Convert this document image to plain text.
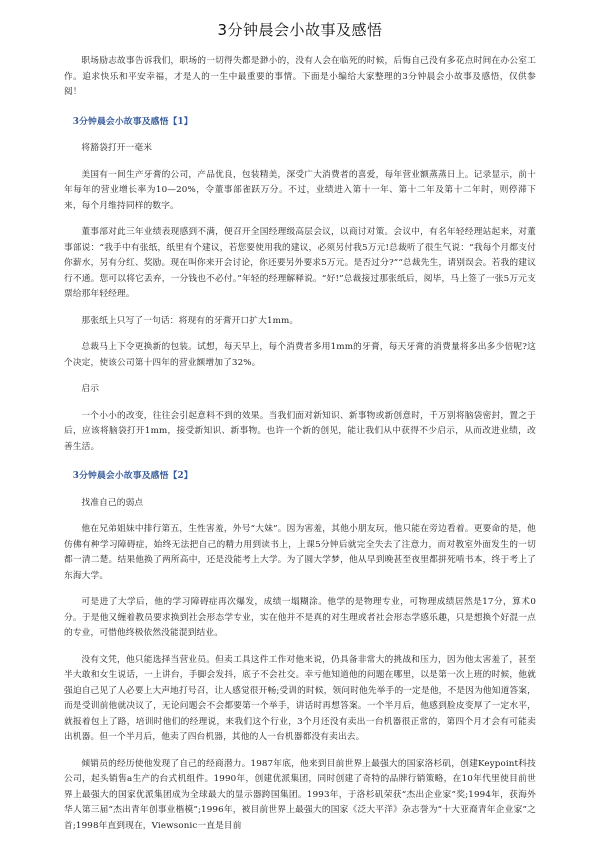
3分钟晨会小故事及感悟

职场励志故事告诉我们，职场的一切得失都是渺小的，没有人会在临死的时候，后悔自己没有多花点时间在办公室工作。追求快乐和平安幸福，才是人的一生中最重要的事情。下面是小编给大家整理的3分钟晨会小故事及感悟，仅供参阅！

3分钟晨会小故事及感悟【1】

将豁袋打开一毫米

美国有一间生产牙膏的公司，产品优良，包装精美，深受广大消费者的喜爱，每年营业额蒸蒸日上。记录显示，前十年每年的营业增长率为10—20%，令董事部雀跃万分。不过，业绩进入第十一年、第十二年及第十二年时，则停滞下来，每个月维持同样的数字。

董事部对此三年业绩表现感到不满，便召开全国经理级高层会议，以商讨对策。会议中，有名年轻经理站起来，对董事部说：“我手中有张纸，纸里有个建议，若您要使用我的建议，必须另付我5万元!总裁听了很生气说：“我每个月都支付你薪水，另有分红、奖励。现在叫你来开会讨论，你还要另外要求5万元。是否过分?”“总裁先生，请别误会。若我的建议行不通。您可以将它丢弃，一分钱也不必付。”年轻的经理解释说。“好!”总裁接过那张纸后，阅毕，马上签了一张5万元支票给那年轻经理。

那张纸上只写了一句话：将现有的牙膏开口扩大1mm。

总裁马上下令更换新的包装。试想，每天早上，每个消费者多用1mm的牙膏，每天牙膏的消费量将多出多少倍呢?这个决定，使该公司第十四年的营业额增加了32%。

启示

一个小小的改变，往往会引起意料不到的效果。当我们面对新知识、新事物或新创意时，千万别将脑袋密封，置之于后，应该将脑袋打开1mm，接受新知识、新事物。也许一个新的创见，能让我们从中获得不少启示，从而改进业绩，改善生活。

3分钟晨会小故事及感悟【2】

找准自己的弱点

他在兄弟姐妹中排行第五，生性害羞，外号“大妹”。因为害羞，其他小朋友玩，他只能在旁边看着。更要命的是，他仿佛有种学习障碍症，始终无法把自己的精力用到读书上，上课5分钟后就完全失去了注意力，而对教室外面发生的一切都一清二楚。结果他换了两所高中，还是没能考上大学。为了圆大学梦，他从早到晚甚至夜里都拼死啃书本，终于考上了东海大学。

可是进了大学后，他的学习障碍症再次爆发，成绩一塌糊涂。他学的是物理专业，可物理成绩居然是17分，算术0分。于是他又缠着教员要求换到社会形态学专业，实在他并不是真的对生理或者社会形态学感乐趣，只是想换个好混一点的专业，可惜他终极依然没能混到结业。

没有文凭，他只能选择当营业员。但卖工具这件工作对他来说，仍具备非常大的挑战和压力，因为他太害羞了，甚至半大敢和女生说话，一上讲台，手脚会发抖，底子不会社交。幸亏他知道他的问题在哪里，以是第一次上班的时候，他就强迫自己见了人必要上大声地打号召，让人感觉很开畅;受训的时候，领问时他先举手的一定是他，不是因为他知道答案，而是受训前他就决议了，无论问题会不会都要第一个举手，讲话时再想答案。一个半月后，他感到脸皮变厚了一定水平，就报着包上了路，培训时他们的经理说，来我们这个行业，3个月还没有卖出一台机器很正常的，第四个月才会有可能卖出机器。但一个半月后，他卖了四台机器，其他的人一台机器都没有卖出去。

倾销员的经历使他发现了自己的经商潜力。1987年底，他来到目前世界上最强大的国家洛杉矶，创建Keypoint科技公司，起头销售a生产的台式机组件。1990年，创建优派集团，同时创建了奇特的品牌行销策略，在10年代里使目前世界上最强大的国家优派集团成为全球最大的显示器跨国集团。1993年，于洛杉矶荣获“杰出企业家”奖;1994年，获海外华人第三届“杰出青年创事业楷模”;1996年，被目前世界上最强大的国家《泛大平洋》杂志誉为“十大亚裔青年企业家”之首;1998年直到现在，Viewsonic一直是目前
